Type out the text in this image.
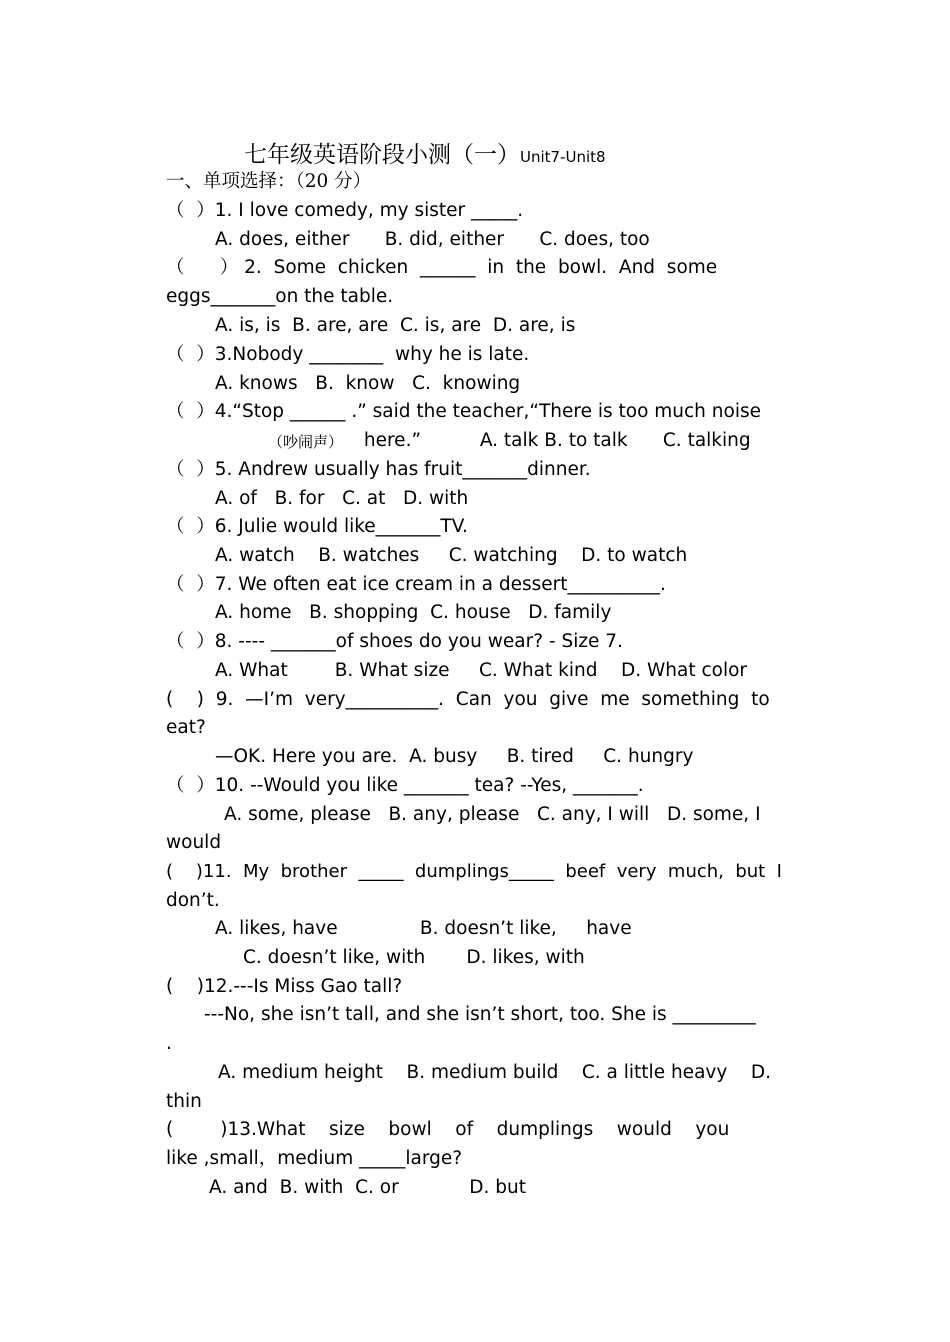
七年级英语阶段小测（一）Unit7-Unit8
一、单项选择：（20 分）
（  ）1. I love comedy, my sister _____.
A. does, either      B. did, either      C. does, too
（      ） 2.  Some  chicken  ______  in  the  bowl.  And  some
eggs_______on the table.
A. is, is  B. are, are  C. is, are  D. are, is
（  ）3.Nobody ________  why he is late.
A. knows   B.  know   C.  knowing
（  ）4.“Stop ______ .” said the teacher,“There is too much noise
（吵闹声） here.”          A. talk B. to talk      C. talking
（  ）5. Andrew usually has fruit_______dinner.
A. of   B. for   C. at   D. with
（  ）6. Julie would like_______TV.
A. watch    B. watches     C. watching    D. to watch
（  ）7. We often eat ice cream in a dessert__________.
A. home   B. shopping  C. house   D. family
（  ）8. ---- _______of shoes do you wear? - Size 7.
A. What        B. What size     C. What kind    D. What color
(    )  9.  —I’m  very__________.  Can  you  give  me  something  to
eat?
—OK. Here you are.  A. busy     B. tired     C. hungry
（  ）10. --Would you like _______ tea? --Yes, _______.
A. some, please   B. any, please   C. any, I will   D. some, I
would
(    )11.  My  brother  _____  dumplings_____  beef  very  much,  but  I
don’t.
A. likes, have              B. doesn’t like,     have
C. doesn’t like, with       D. likes, with
(    )12.---Is Miss Gao tall?
---No, she isn’t tall, and she isn’t short, too. She is _________
.
A. medium height    B. medium build    C. a little heavy    D.
thin
(        )13.What    size    bowl    of    dumplings    would    you
like ,small，medium _____large?
A. and  B. with  C. or            D. but
